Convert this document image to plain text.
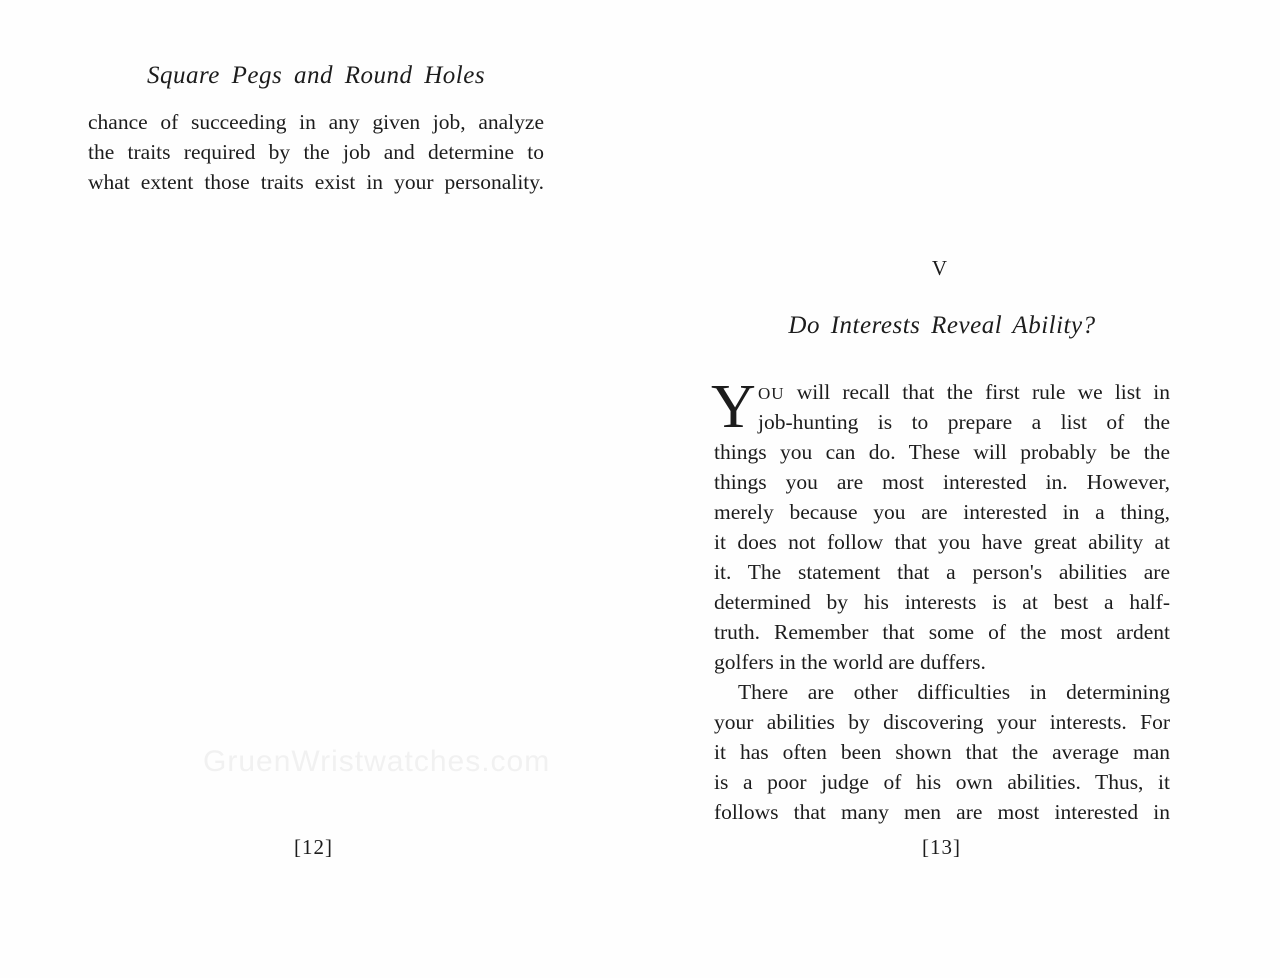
Square Pegs and Round Holes
chance of succeeding in any given job, analyze
the traits required by the job and determine to
what extent those traits exist in your personality.
GruenWristwatches.com
[12]
V
Do Interests Reveal Ability?
Y OU will recall that the first rule we list in
job-hunting is to prepare a list of the
things you can do. These will probably be the
things you are most interested in. However,
merely because you are interested in a thing,
it does not follow that you have great ability at
it. The statement that a person's abilities are
determined by his interests is at best a half-
truth. Remember that some of the most ardent
golfers in the world are duffers.
There are other difficulties in determining
your abilities by discovering your interests. For
it has often been shown that the average man
is a poor judge of his own abilities. Thus, it
follows that many men are most interested in
[13]
